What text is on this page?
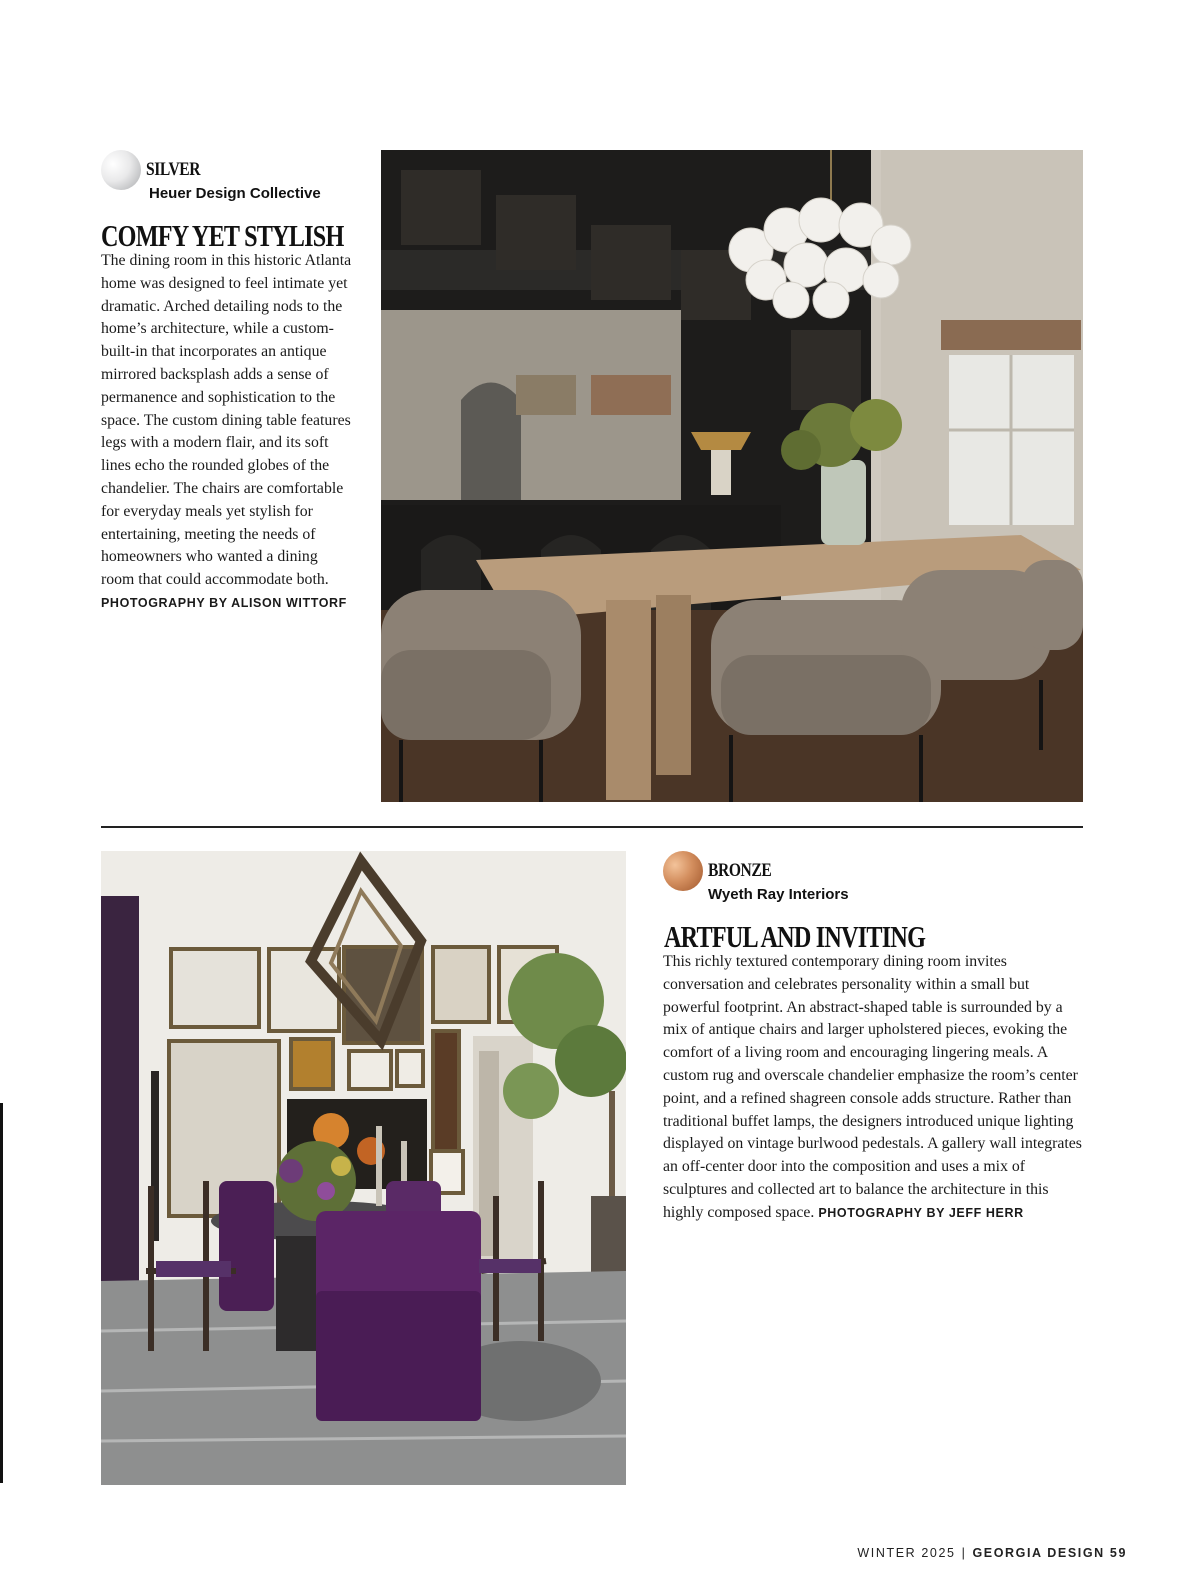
SILVER
Heuer Design Collective
COMFY YET STYLISH
The dining room in this historic Atlanta home was designed to feel intimate yet dramatic. Arched detailing nods to the home’s architecture, while a custom-built-in that incorporates an antique mirrored backsplash adds a sense of permanence and sophistication to the space. The custom dining table features legs with a modern flair, and its soft lines echo the rounded globes of the chandelier. The chairs are comfortable for everyday meals yet stylish for entertaining, meeting the needs of homeowners who wanted a dining room that could accommodate both. PHOTOGRAPHY BY ALISON WITTORF
BRONZE
Wyeth Ray Interiors
ARTFUL AND INVITING
This richly textured contemporary dining room invites conversation and celebrates personality within a small but powerful footprint. An abstract-shaped table is surrounded by a mix of antique chairs and larger upholstered pieces, evoking the comfort of a living room and encouraging lingering meals. A custom rug and overscale chandelier emphasize the room’s center point, and a refined shagreen console adds structure. Rather than traditional buffet lamps, the designers introduced unique lighting displayed on vintage burlwood pedestals. A gallery wall integrates an off-center door into the composition and uses a mix of sculptures and collected art to balance the architecture in this highly composed space. PHOTOGRAPHY BY JEFF HERR
WINTER 2025 | GEORGIA DESIGN 59
